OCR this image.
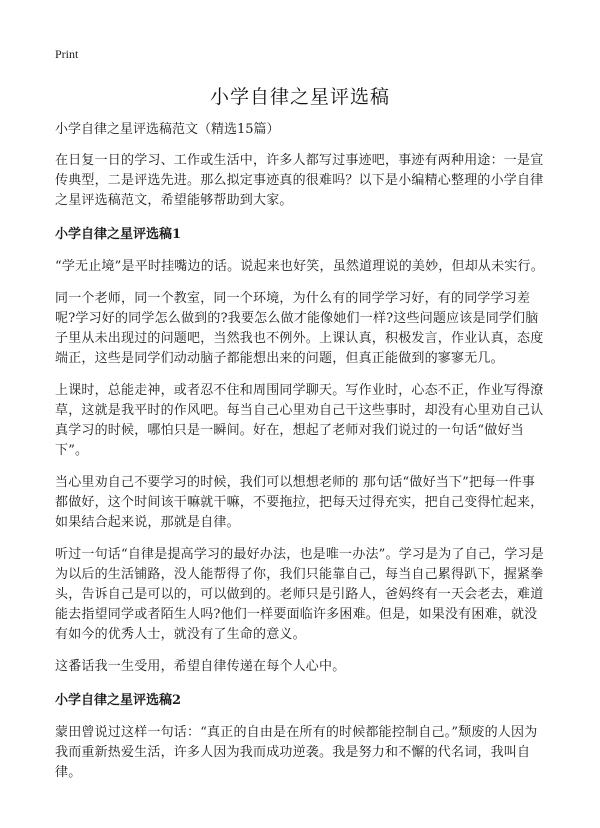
Print
小学自律之星评选稿
小学自律之星评选稿范文（精选15篇）

在日复一日的学习、工作或生活中，许多人都写过事迹吧，事迹有两种用途：一是宣传典型，二是评选先进。那么拟定事迹真的很难吗？以下是小编精心整理的小学自律之星评选稿范文，希望能够帮助到大家。

小学自律之星评选稿1

“学无止境”是平时挂嘴边的话。说起来也好笑，虽然道理说的美妙，但却从未实行。

同一个老师，同一个教室，同一个环境，为什么有的同学学习好，有的同学学习差呢?学习好的同学怎么做到的?我要怎么做才能像她们一样?这些问题应该是同学们脑子里从未出现过的问题吧，当然我也不例外。上课认真，积极发言，作业认真，态度端正，这些是同学们动动脑子都能想出来的问题，但真正能做到的寥寥无几。

上课时，总能走神，或者忍不住和周围同学聊天。写作业时，心态不正，作业写得潦草，这就是我平时的作风吧。每当自己心里劝自己干这些事时，却没有心里劝自己认真学习的时候，哪怕只是一瞬间。好在，想起了老师对我们说过的一句话“做好当下”。

当心里劝自己不要学习的时候，我们可以想想老师的 那句话“做好当下”把每一件事都做好，这个时间该干嘛就干嘛，不要拖拉，把每天过得充实，把自己变得忙起来，如果结合起来说，那就是自律。

听过一句话“自律是提高学习的最好办法，也是唯一办法”。学习是为了自己，学习是为以后的生活铺路，没人能帮得了你，我们只能靠自己，每当自己累得趴下，握紧拳头，告诉自己是可以的，可以做到的。老师只是引路人，爸妈终有一天会老去，难道能去指望同学或者陌生人吗?他们一样要面临许多困难。但是，如果没有困难，就没有如今的优秀人士，就没有了生命的意义。

这番话我一生受用，希望自律传递在每个人心中。

小学自律之星评选稿2

蒙田曾说过这样一句话：“真正的自由是在所有的时候都能控制自己。”颓废的人因为我而重新热爱生活，许多人因为我而成功逆袭。我是努力和不懈的代名词，我叫自律。
